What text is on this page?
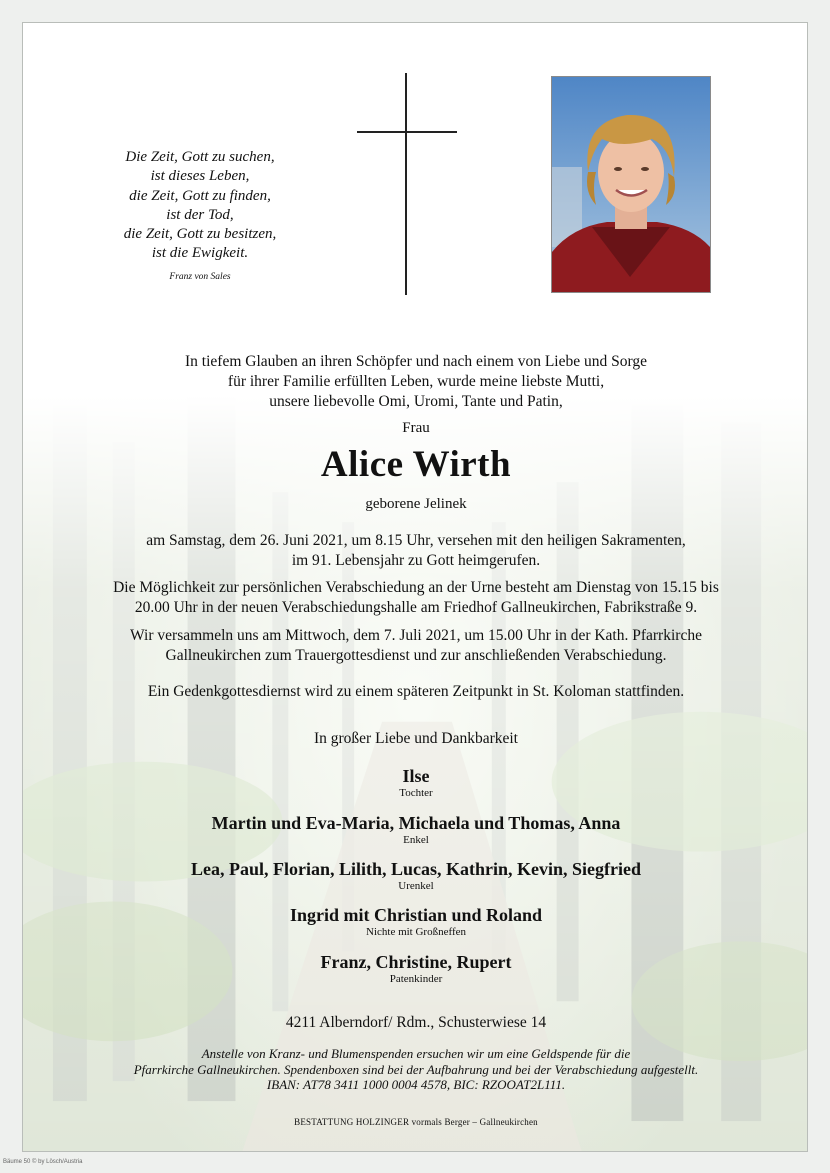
Die Zeit, Gott zu suchen,
ist dieses Leben,
die Zeit, Gott zu finden,
ist der Tod,
die Zeit, Gott zu besitzen,
ist die Ewigkeit.
Franz von Sales
In tiefem Glauben an ihren Schöpfer und nach einem von Liebe und Sorge
für ihrer Familie erfüllten Leben, wurde meine liebste Mutti,
unsere liebevolle Omi, Uromi, Tante und Patin,
Frau
Alice Wirth
geborene Jelinek
am Samstag, dem 26. Juni 2021, um 8.15 Uhr, versehen mit den heiligen Sakramenten,
im 91. Lebensjahr zu Gott heimgerufen.
Die Möglichkeit zur persönlichen Verabschiedung an der Urne besteht am Dienstag von 15.15 bis
20.00 Uhr in der neuen Verabschiedungshalle am Friedhof Gallneukirchen, Fabrikstraße 9.
Wir versammeln uns am Mittwoch, dem 7. Juli 2021, um 15.00 Uhr in der Kath. Pfarrkirche
Gallneukirchen zum Trauergottesdienst und zur anschließenden Verabschiedung.
Ein Gedenkgottesdiernst wird zu einem späteren Zeitpunkt in St. Koloman stattfinden.
In großer Liebe und Dankbarkeit
Ilse
Tochter
Martin und Eva-Maria, Michaela und Thomas, Anna
Enkel
Lea, Paul, Florian, Lilith, Lucas, Kathrin, Kevin, Siegfried
Urenkel
Ingrid mit Christian und Roland
Nichte mit Großneffen
Franz, Christine, Rupert
Patenkinder
4211 Alberndorf/ Rdm., Schusterwiese 14
Anstelle von Kranz- und Blumenspenden ersuchen wir um eine Geldspende für die
Pfarrkirche Gallneukirchen. Spendenboxen sind bei der Aufbahrung und bei der Verabschiedung aufgestellt.
IBAN: AT78 3411 1000 0004 4578, BIC: RZOOAT2L111.
BESTATTUNG HOLZINGER vormals Berger – Gallneukirchen
Bäume 50 © by Lösch/Austria
